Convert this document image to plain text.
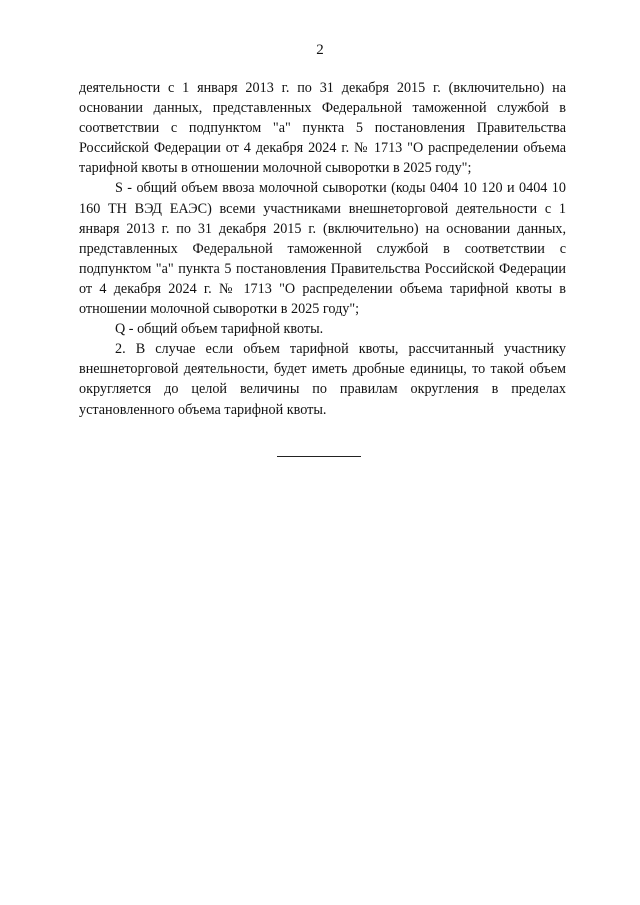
2

деятельности с 1 января 2013 г. по 31 декабря 2015 г. (включительно) на основании данных, представленных Федеральной таможенной службой в соответствии с подпунктом "а" пункта 5 постановления Правительства Российской Федерации от 4 декабря 2024 г. № 1713 "О распределении объема тарифной квоты в отношении молочной сыворотки в 2025 году";

S - общий объем ввоза молочной сыворотки (коды 0404 10 120 и 0404 10 160 ТН ВЭД ЕАЭС) всеми участниками внешнеторговой деятельности с 1 января 2013 г. по 31 декабря 2015 г. (включительно) на основании данных, представленных Федеральной таможенной службой в соответствии с подпунктом "а" пункта 5 постановления Правительства Российской Федерации от 4 декабря 2024 г. № 1713 "О распределении объема тарифной квоты в отношении молочной сыворотки в 2025 году";

Q - общий объем тарифной квоты.

2. В случае если объем тарифной квоты, рассчитанный участнику внешнеторговой деятельности, будет иметь дробные единицы, то такой объем округляется до целой величины по правилам округления в пределах установленного объема тарифной квоты.
